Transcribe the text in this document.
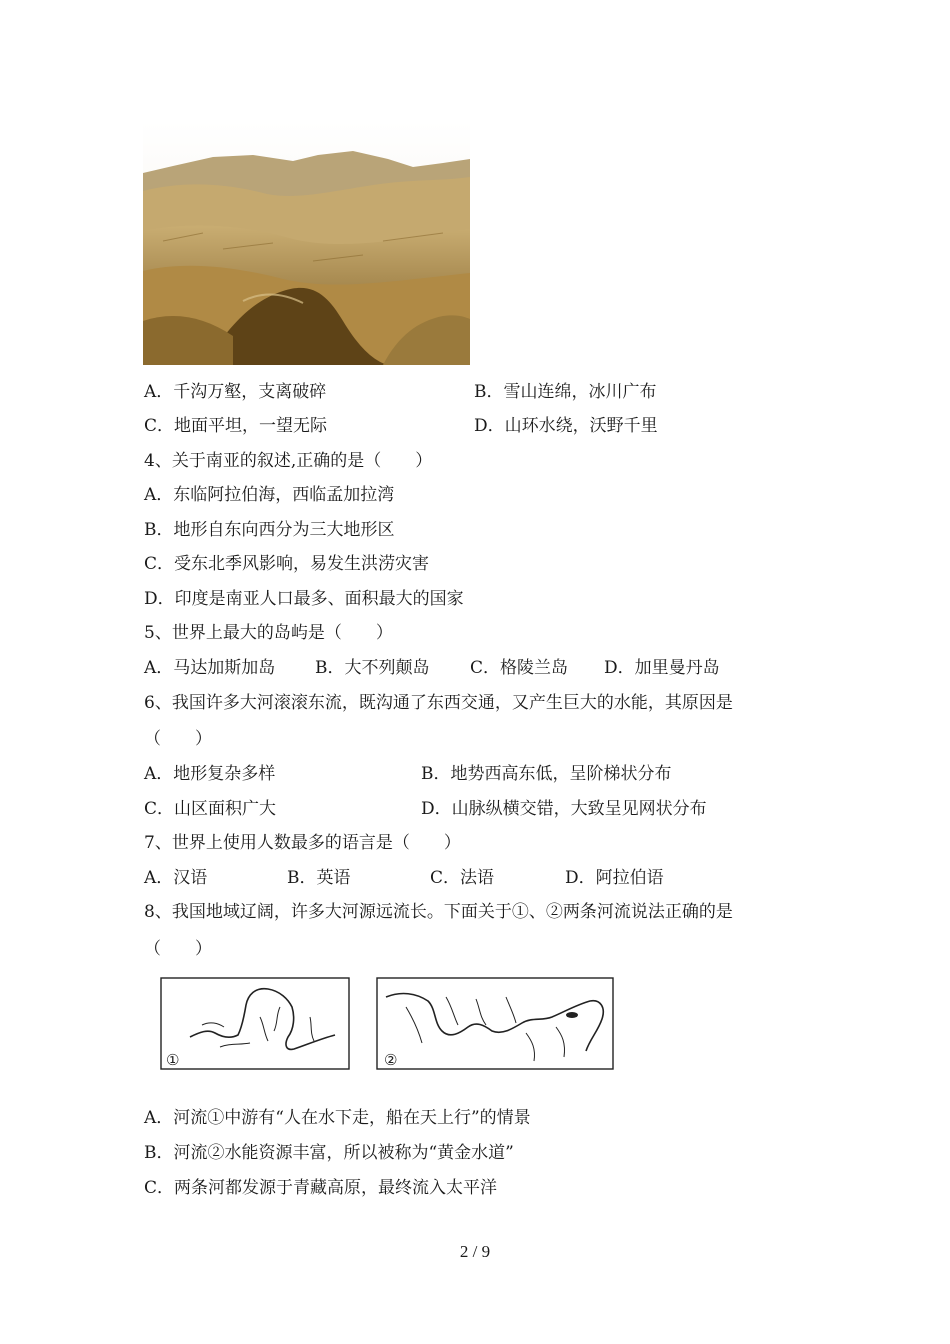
A．千沟万壑，支离破碎	B．雪山连绵，冰川广布
C．地面平坦，一望无际	D．山环水绕，沃野千里
4、关于南亚的叙述,正确的是（　　）
A．东临阿拉伯海，西临孟加拉湾
B．地形自东向西分为三大地形区
C．受东北季风影响，易发生洪涝灾害
D．印度是南亚人口最多、面积最大的国家
5、世界上最大的岛屿是（　　）
A．马达加斯加岛 B．大不列颠岛 C．格陵兰岛 D．加里曼丹岛
6、我国许多大河滚滚东流，既沟通了东西交通，又产生巨大的水能，其原因是
（　　）
A．地形复杂多样	B．地势西高东低，呈阶梯状分布
C．山区面积广大	D．山脉纵横交错，大致呈见网状分布
7、世界上使用人数最多的语言是（　　）
A．汉语	B．英语	C．法语	D．阿拉伯语
8、我国地域辽阔，许多大河源远流长。下面关于①、②两条河流说法正确的是
（　　）
①	②
A．河流①中游有“人在水下走，船在天上行”的情景
B．河流②水能资源丰富，所以被称为“黄金水道”
C．两条河都发源于青藏高原，最终流入太平洋
2 / 9
